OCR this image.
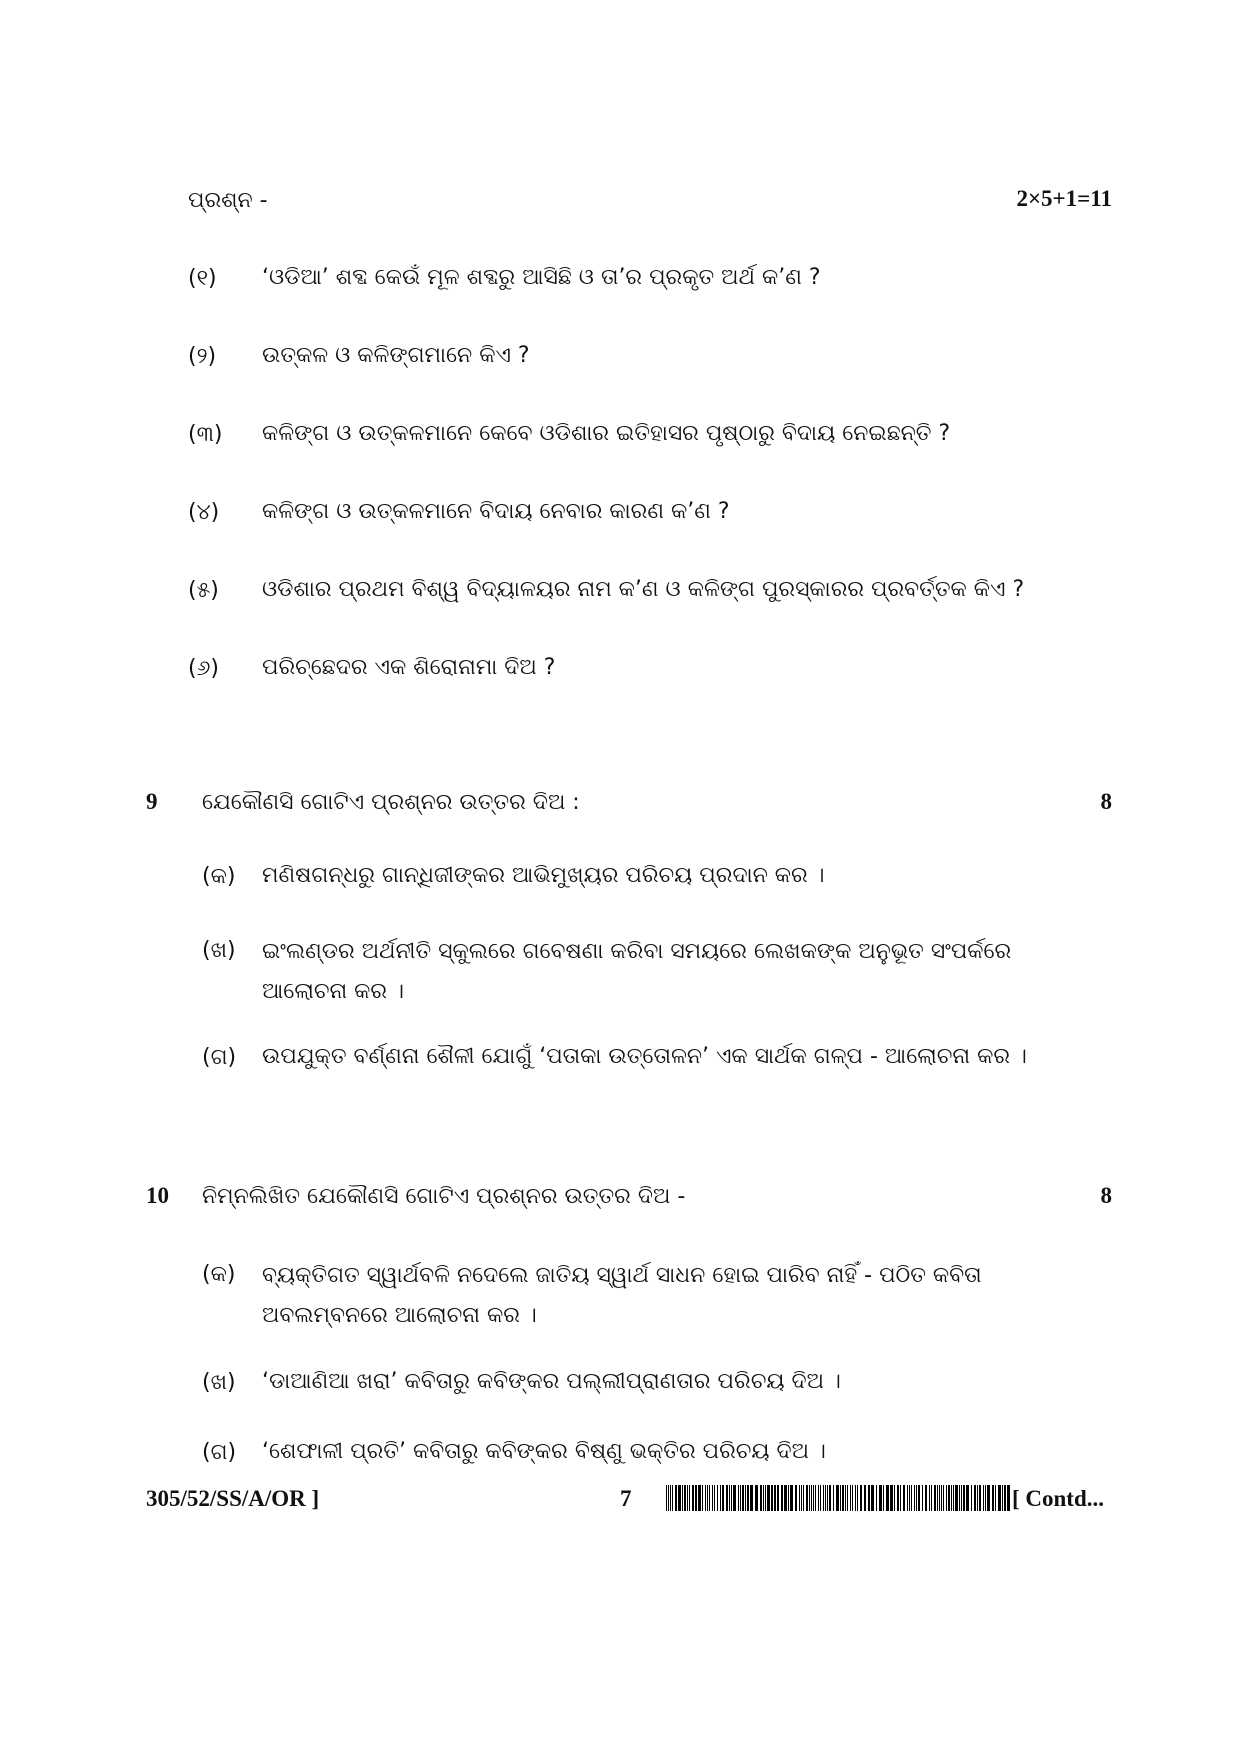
ପ୍ରଶ୍ନ -	2×5+1=11
(୧) ‘ଓଡିଆ’ ଶବ୍ଦ କେଉଁ ମୂଳ ଶବ୍ଦରୁ ଆସିଛି ଓ ତା’ର ପ୍ରକୃତ ଅର୍ଥ କ’ଣ ?
(୨) ଉତ୍କଳ ଓ କଳିଙ୍ଗମାନେ କିଏ ?
(୩) କଳିଙ୍ଗ ଓ ଉତ୍କଳମାନେ କେବେ ଓଡିଶାର ଇତିହାସର ପୃଷ୍ଠାରୁ ବିଦାୟ ନେଇଛନ୍ତି ?
(୪) କଳିଙ୍ଗ ଓ ଉତ୍କଳମାନେ ବିଦାୟ ନେବାର କାରଣ କ’ଣ ?
(୫) ଓଡିଶାର ପ୍ରଥମ ବିଶ୍ୱ ବିଦ୍ୟାଳୟର ନାମ କ’ଣ ଓ କଳିଙ୍ଗ ପୁରସ୍କାରର ପ୍ରବର୍ତ୍ତକ କିଏ ?
(୬) ପରିଚ୍ଛେଦର ଏକ ଶିରୋନାମା ଦିଅ ?
9 ଯେକୌଣସି ଗୋଟିଏ ପ୍ରଶ୍ନର ଉତ୍ତର ଦିଅ :	8
(କ) ମଣିଷଗନ୍ଧରୁ ଗାନ୍ଧିଜୀଙ୍କର ଆଭିମୁଖ୍ୟର ପରିଚୟ ପ୍ରଦାନ କର ।
(ଖ) ଇଂଲଣ୍ଡର ଅର୍ଥନୀତି ସ୍କୁଲରେ ଗବେଷଣା କରିବା ସମୟରେ ଲେଖକଙ୍କ ଅନୁଭୂତ ସଂପର୍କରେ ଆଲୋଚନା କର ।
(ଗ) ଉପଯୁକ୍ତ ବର୍ଣ୍ଣନା ଶୈଳୀ ଯୋଗୁଁ ‘ପତାକା ଉତ୍ତୋଳନ’ ଏକ ସାର୍ଥକ ଗଳ୍ପ - ଆଲୋଚନା କର ।
10 ନିମ୍ନଲିଖିତ ଯେକୌଣସି ଗୋଟିଏ ପ୍ରଶ୍ନର ଉତ୍ତର ଦିଅ -	8
(କ) ବ୍ୟକ୍ତିଗତ ସ୍ୱାର୍ଥବଳି ନଦେଲେ ଜାତିୟ ସ୍ୱାର୍ଥ ସାଧନ ହୋଇ ପାରିବ ନାହିଁ - ପଠିତ କବିତା ଅବଲମ୍ବନରେ ଆଲୋଚନା କର ।
(ଖ) ‘ଡାଆଣିଆ ଖରା’ କବିତାରୁ କବିଙ୍କର ପଲ୍ଲୀପ୍ରାଣତାର ପରିଚୟ ଦିଅ ।
(ଗ) ‘ଶେଫାଳୀ ପ୍ରତି’ କବିତାରୁ କବିଙ୍କର ବିଷ୍ଣୁ ଭକ୍ତିର ପରିଚୟ ଦିଅ ।
305/52/SS/A/OR ]	7	[ Contd...
